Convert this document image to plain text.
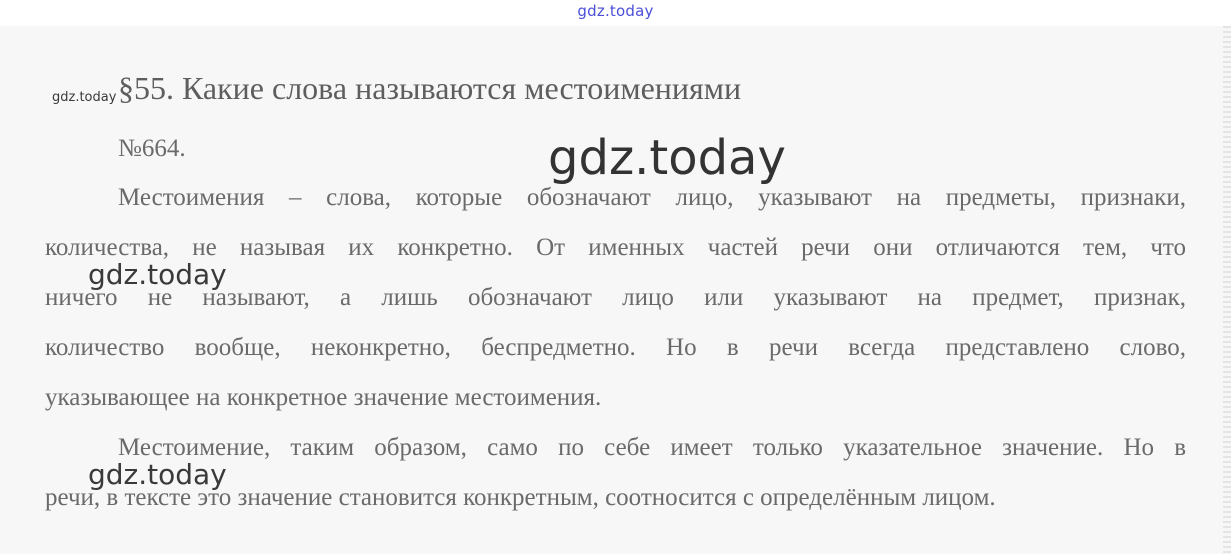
gdz.today
§55. Какие слова называются местоимениями
№664.
Местоимения – слова, которые обозначают лицо, указывают на предметы, признаки,
количества, не называя их конкретно. От именных частей речи они отличаются тем, что
ничего не называют, а лишь обозначают лицо или указывают на предмет, признак,
количество вообще, неконкретно, беспредметно. Но в речи всегда представлено слово,
указывающее на конкретное значение местоимения.
Местоимение, таким образом, само по себе имеет только указательное значение. Но в
речи, в тексте это значение становится конкретным, соотносится с определённым лицом.
gdz.today
gdz.today
gdz.today
gdz.today
